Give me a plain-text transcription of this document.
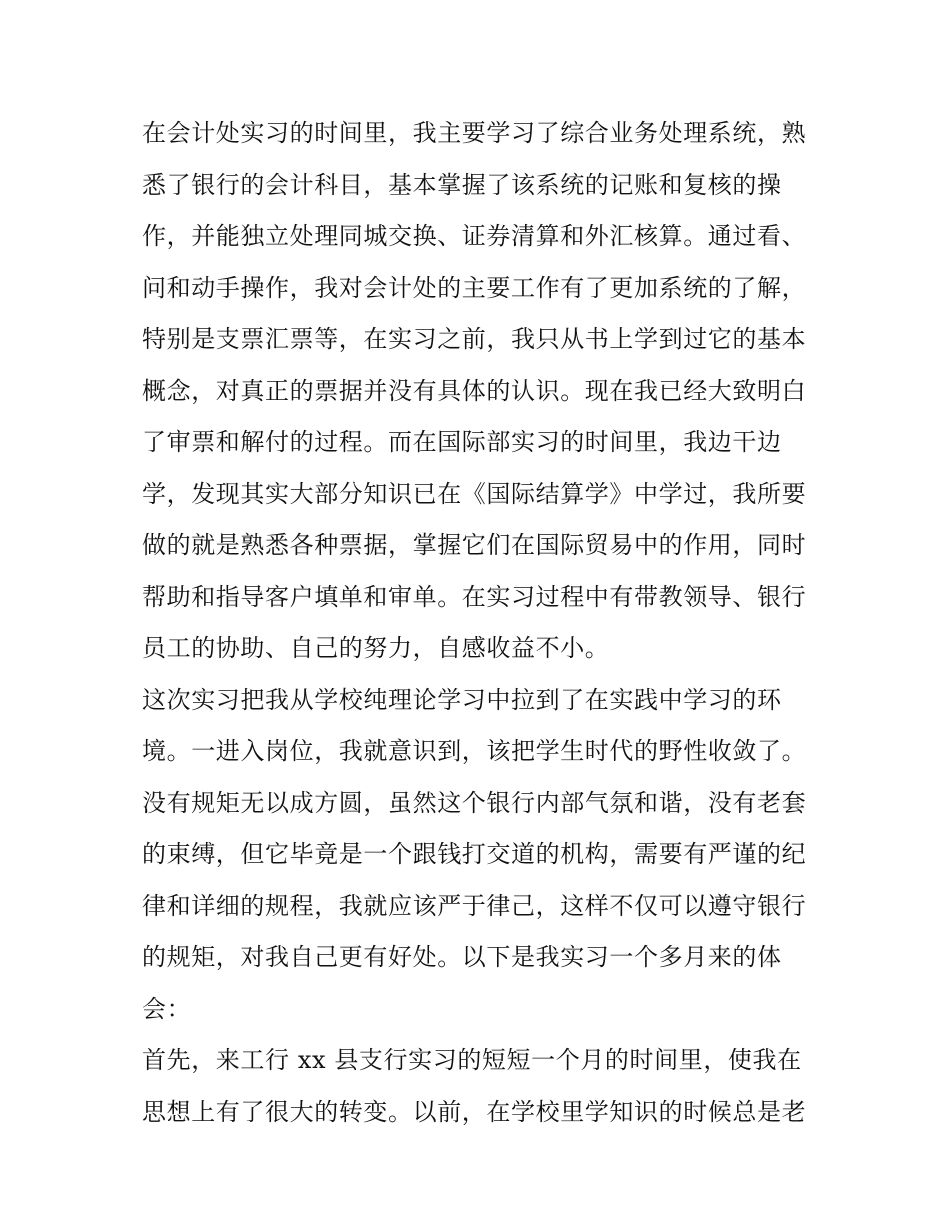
在会计处实习的时间里，我主要学习了综合业务处理系统，熟
悉了银行的会计科目，基本掌握了该系统的记账和复核的操
作，并能独立处理同城交换、证券清算和外汇核算。通过看、
问和动手操作，我对会计处的主要工作有了更加系统的了解，
特别是支票汇票等，在实习之前，我只从书上学到过它的基本
概念，对真正的票据并没有具体的认识。现在我已经大致明白
了审票和解付的过程。而在国际部实习的时间里，我边干边
学，发现其实大部分知识已在《国际结算学》中学过，我所要
做的就是熟悉各种票据，掌握它们在国际贸易中的作用，同时
帮助和指导客户填单和审单。在实习过程中有带教领导、银行
员工的协助、自己的努力，自感收益不小。
这次实习把我从学校纯理论学习中拉到了在实践中学习的环
境。一进入岗位，我就意识到，该把学生时代的野性收敛了。
没有规矩无以成方圆，虽然这个银行内部气氛和谐，没有老套
的束缚，但它毕竟是一个跟钱打交道的机构，需要有严谨的纪
律和详细的规程，我就应该严于律己，这样不仅可以遵守银行
的规矩，对我自己更有好处。以下是我实习一个多月来的体
会：
首先，来工行 xx 县支行实习的短短一个月的时间里，使我在
思想上有了很大的转变。以前，在学校里学知识的时候总是老
